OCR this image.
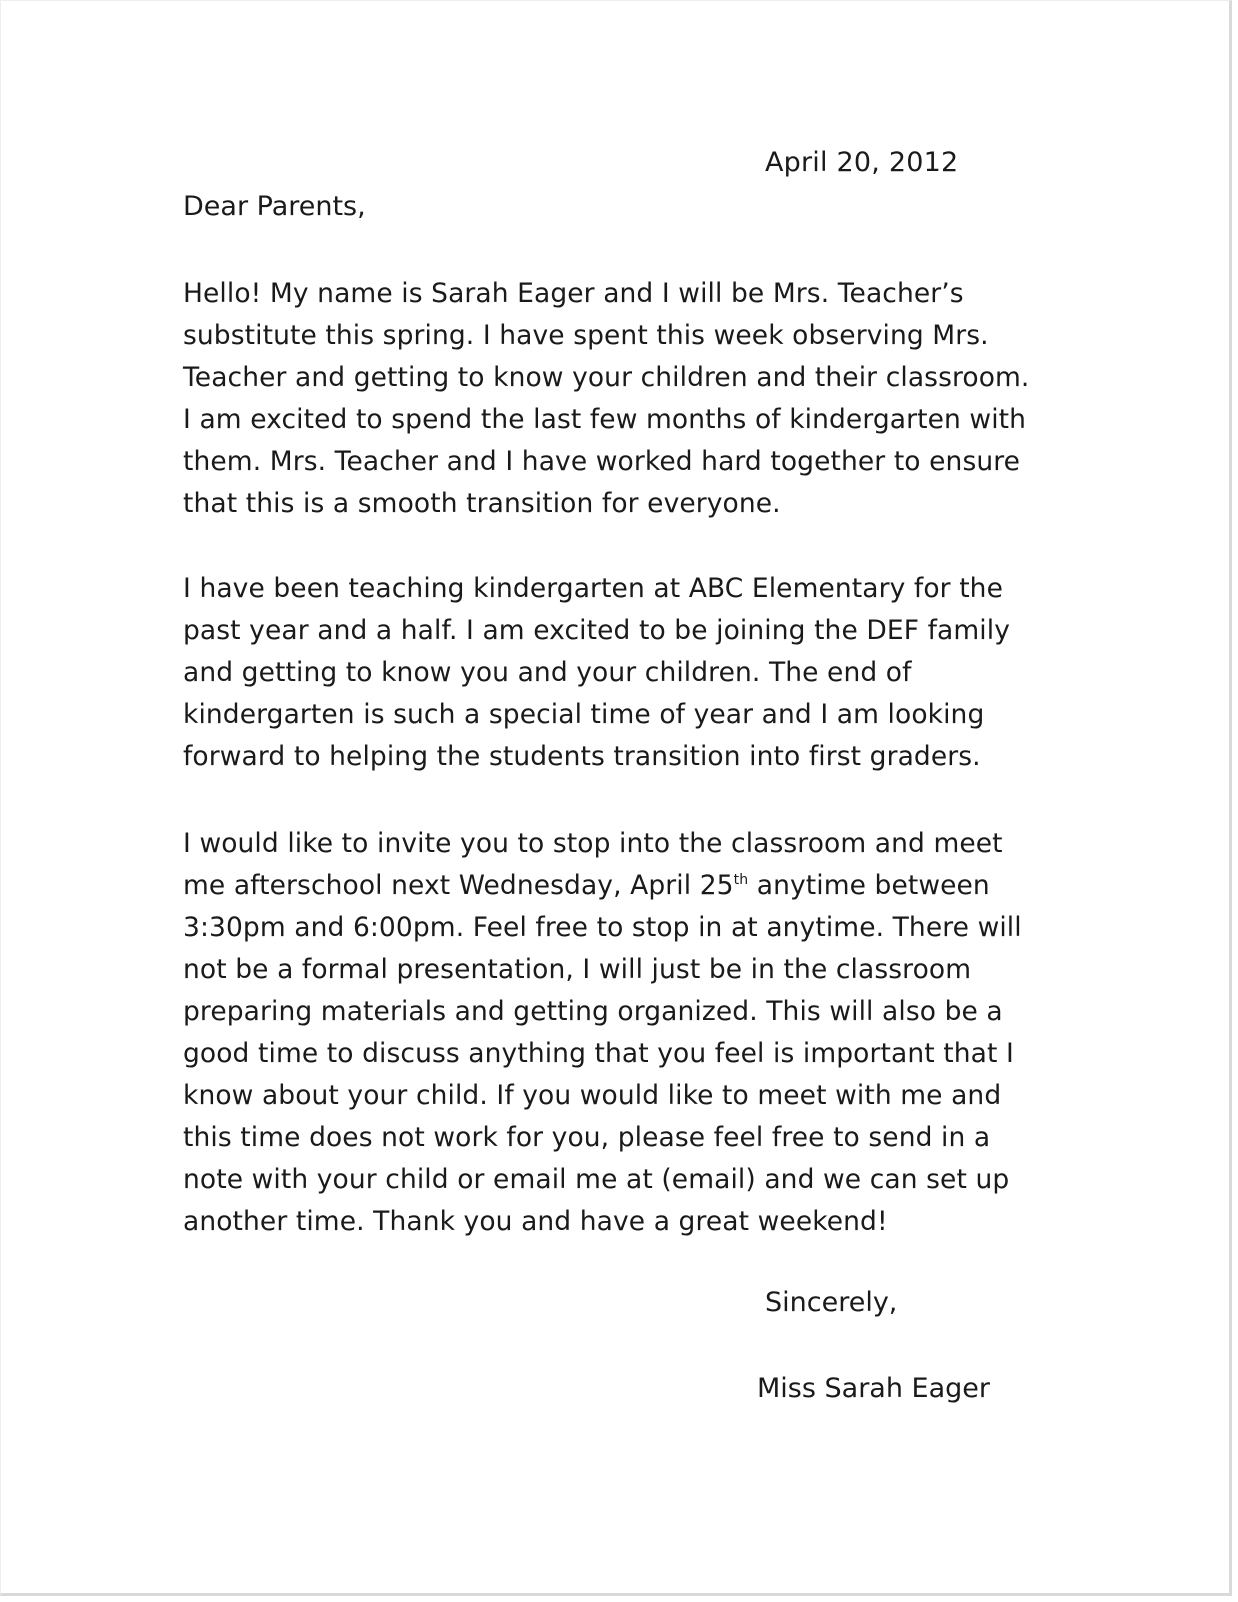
April 20, 2012
Dear Parents,

Hello! My name is Sarah Eager and I will be Mrs. Teacher’s substitute this spring. I have spent this week observing Mrs. Teacher and getting to know your children and their classroom. I am excited to spend the last few months of kindergarten with them. Mrs. Teacher and I have worked hard together to ensure that this is a smooth transition for everyone.

I have been teaching kindergarten at ABC Elementary for the past year and a half. I am excited to be joining the DEF family and getting to know you and your children. The end of kindergarten is such a special time of year and I am looking forward to helping the students transition into first graders.

I would like to invite you to stop into the classroom and meet me afterschool next Wednesday, April 25th anytime between 3:30pm and 6:00pm. Feel free to stop in at anytime. There will not be a formal presentation, I will just be in the classroom preparing materials and getting organized. This will also be a good time to discuss anything that you feel is important that I know about your child. If you would like to meet with me and this time does not work for you, please feel free to send in a note with your child or email me at (email) and we can set up another time. Thank you and have a great weekend!

Sincerely,
Miss Sarah Eager
